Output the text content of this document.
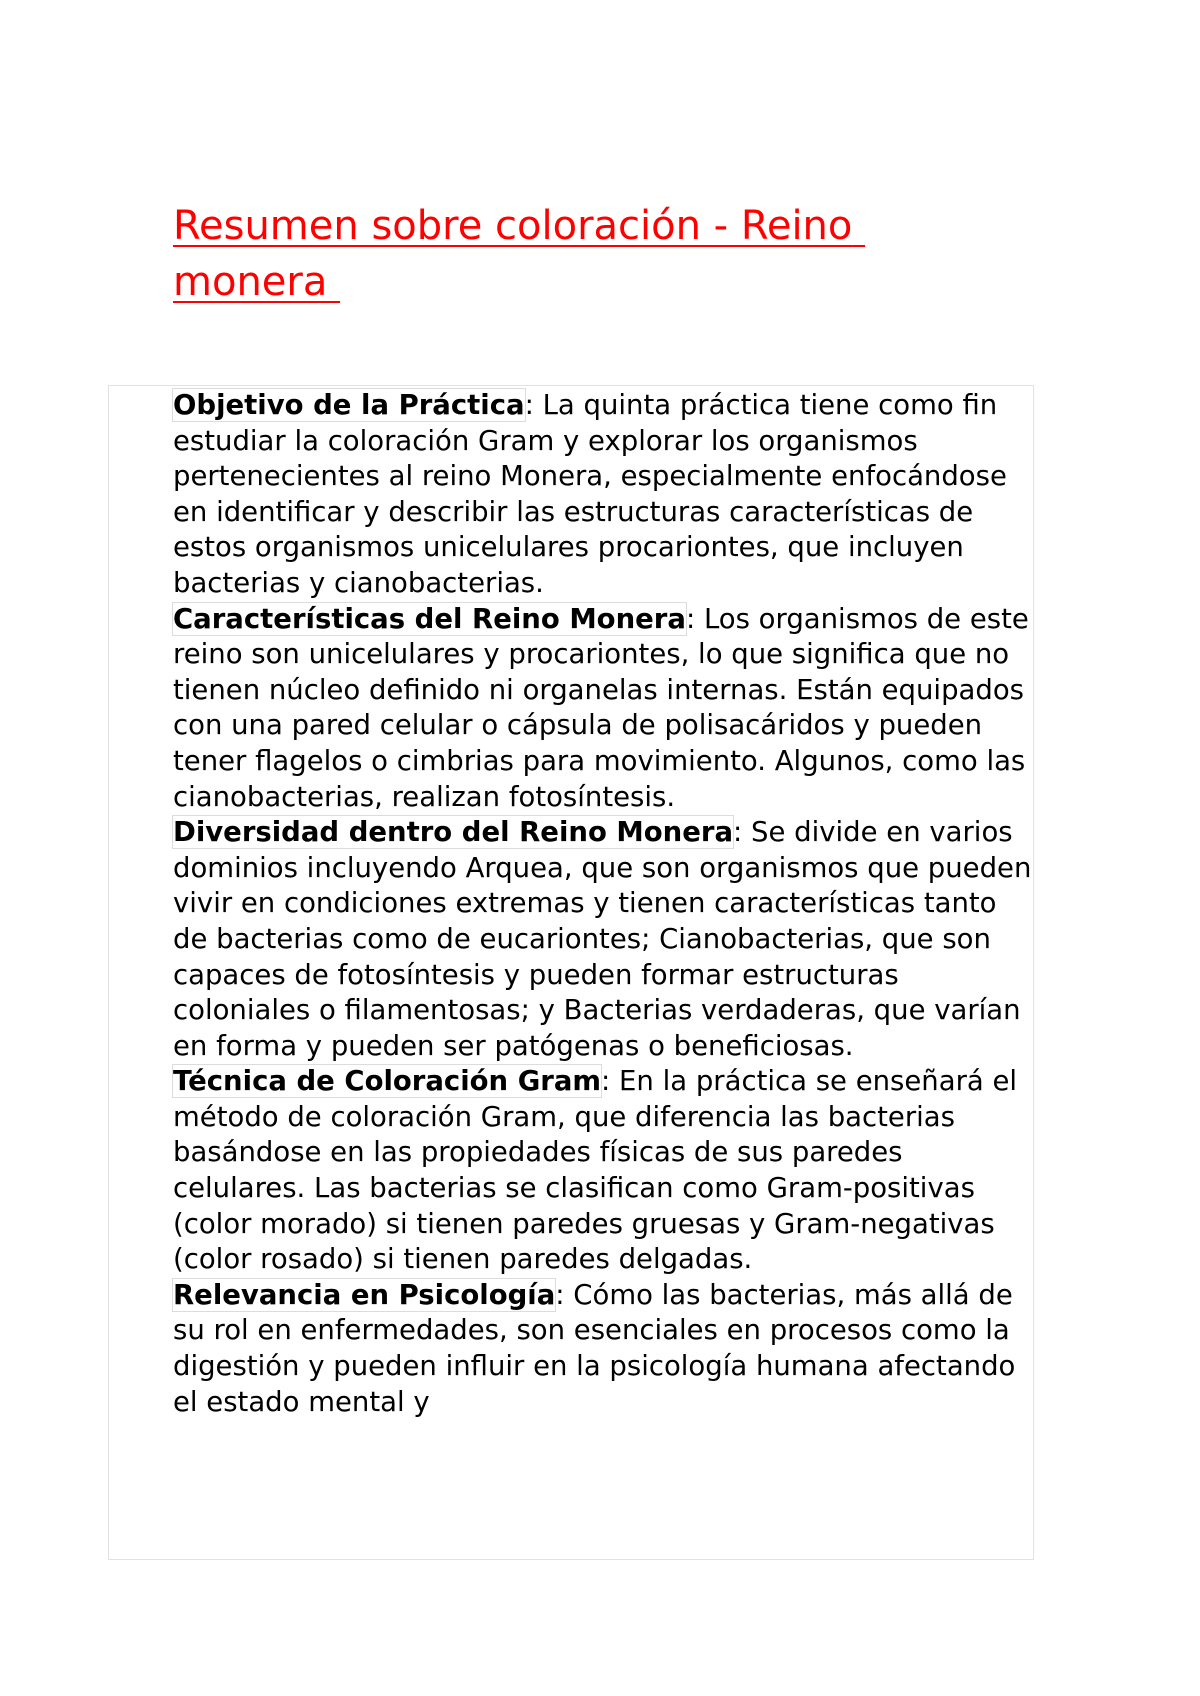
Resumen sobre coloración - Reino monera

Objetivo de la Práctica: La quinta práctica tiene como fin estudiar la coloración Gram y explorar los organismos pertenecientes al reino Monera, especialmente enfocándose en identificar y describir las estructuras características de estos organismos unicelulares procariontes, que incluyen bacterias y cianobacterias.

Características del Reino Monera: Los organismos de este reino son unicelulares y procariontes, lo que significa que no tienen núcleo definido ni organelas internas. Están equipados con una pared celular o cápsula de polisacáridos y pueden tener flagelos o cimbrias para movimiento. Algunos, como las cianobacterias, realizan fotosíntesis.

Diversidad dentro del Reino Monera: Se divide en varios dominios incluyendo Arquea, que son organismos que pueden vivir en condiciones extremas y tienen características tanto de bacterias como de eucariontes; Cianobacterias, que son capaces de fotosíntesis y pueden formar estructuras coloniales o filamentosas; y Bacterias verdaderas, que varían en forma y pueden ser patógenas o beneficiosas.

Técnica de Coloración Gram: En la práctica se enseñará el método de coloración Gram, que diferencia las bacterias basándose en las propiedades físicas de sus paredes celulares. Las bacterias se clasifican como Gram-positivas (color morado) si tienen paredes gruesas y Gram-negativas (color rosado) si tienen paredes delgadas.

Relevancia en Psicología: Cómo las bacterias, más allá de su rol en enfermedades, son esenciales en procesos como la digestión y pueden influir en la psicología humana afectando el estado mental y
